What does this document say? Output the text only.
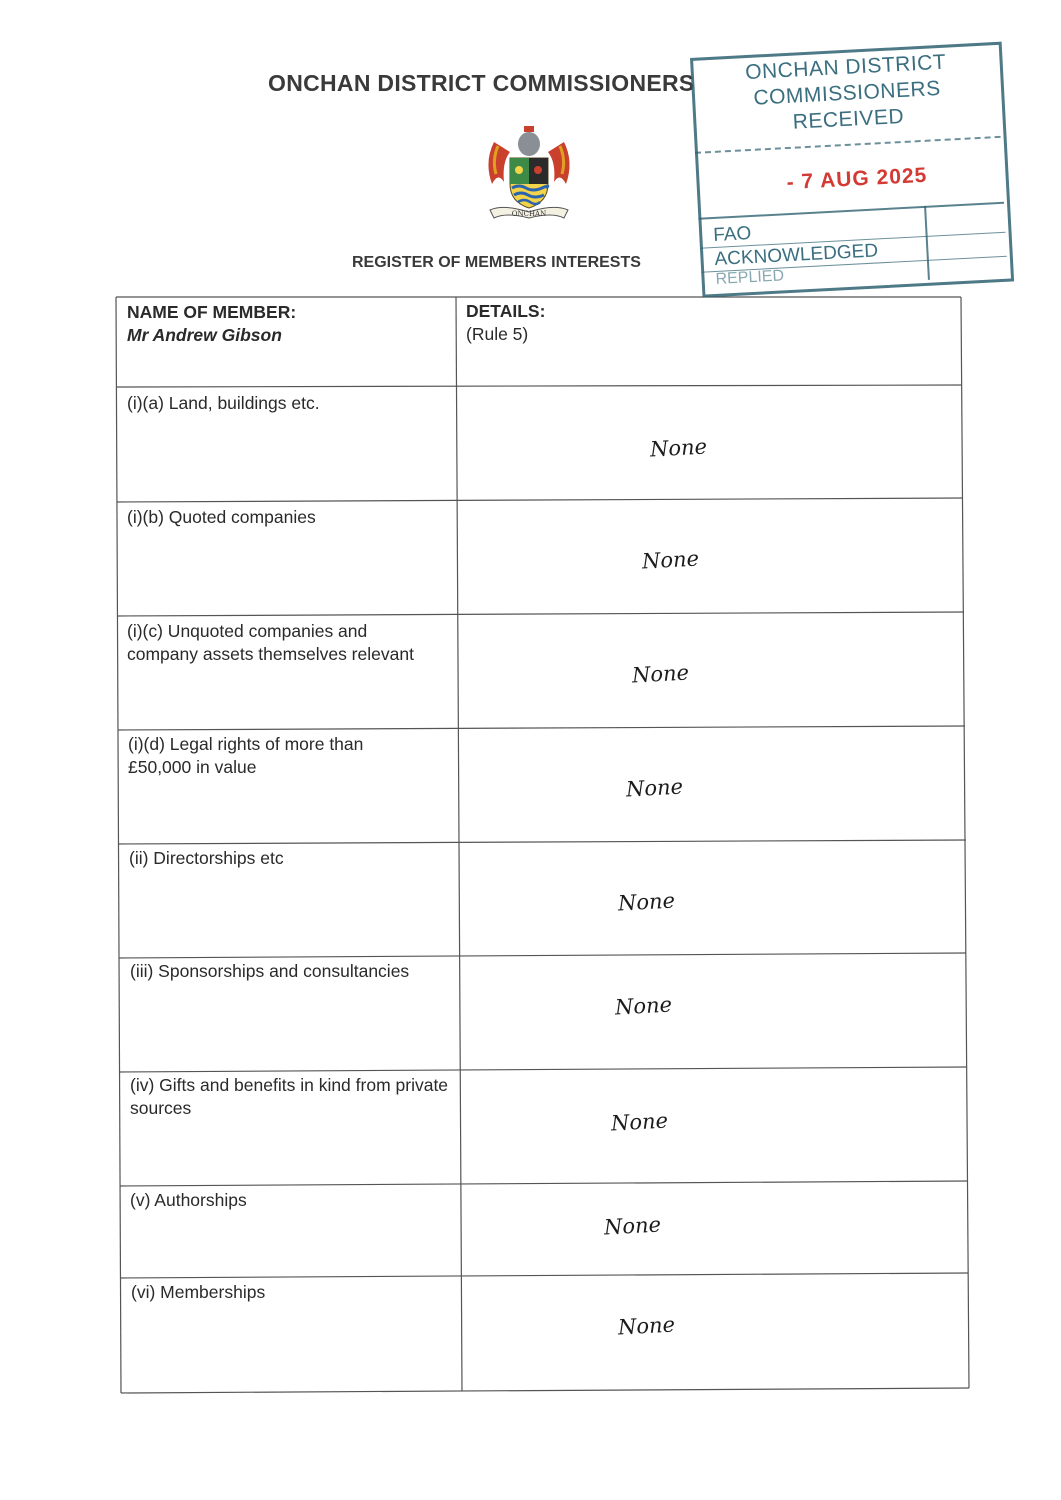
ONCHAN DISTRICT COMMISSIONERS
ONCHAN
REGISTER OF MEMBERS INTERESTS
NAME OF MEMBER:
Mr Andrew Gibson
DETAILS:
(Rule 5)
(i)(a) Land, buildings etc.
(i)(b) Quoted companies
(i)(c) Unquoted companies and company assets themselves relevant
(i)(d) Legal rights of more than £50,000 in value
(ii) Directorships etc
(iii) Sponsorships and consultancies
(iv) Gifts and benefits in kind from private sources
(v) Authorships
(vi) Memberships
None
None
None
None
None
None
None
None
None
ONCHAN DISTRICT
COMMISSIONERS
RECEIVED
- 7 AUG 2025
FAO
ACKNOWLEDGED
REPLIED
